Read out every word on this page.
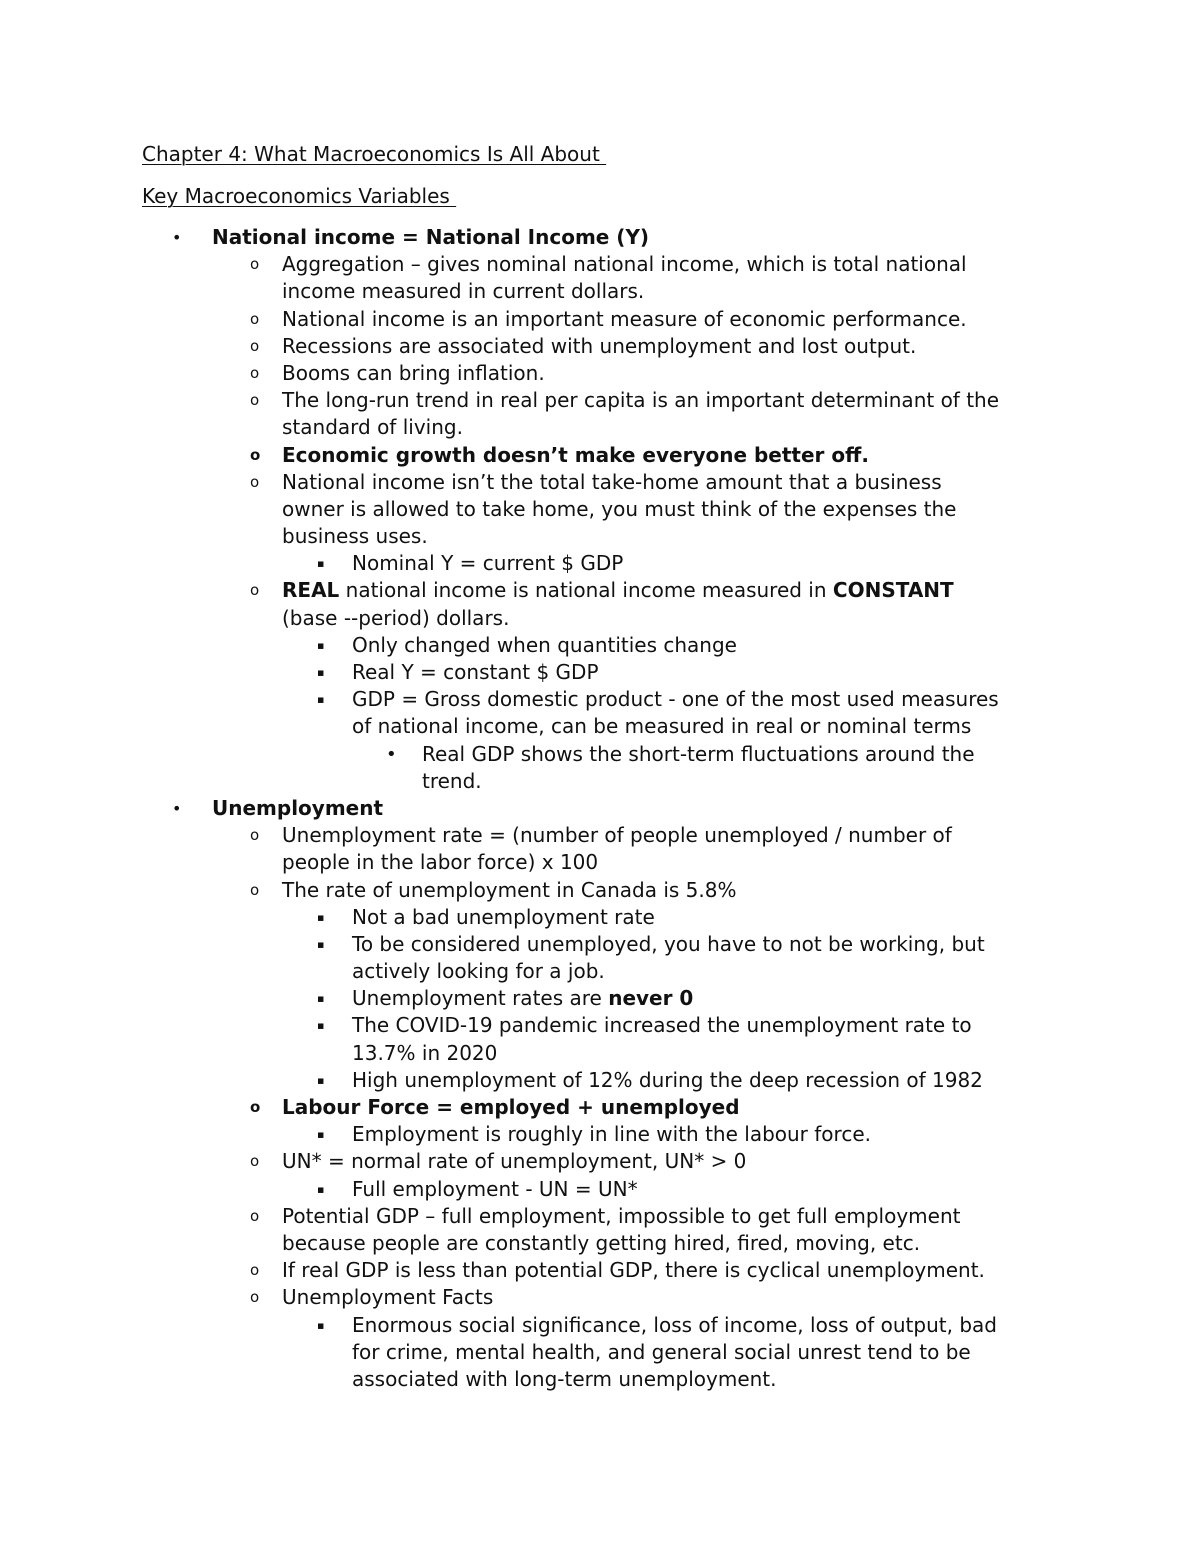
Chapter 4: What Macroeconomics Is All About
Key Macroeconomics Variables
• National income = National Income (Y)
o Aggregation – gives nominal national income, which is total national
income measured in current dollars.
o National income is an important measure of economic performance.
o Recessions are associated with unemployment and lost output.
o Booms can bring inflation.
o The long-run trend in real per capita is an important determinant of the
standard of living.
o Economic growth doesn’t make everyone better off.
o National income isn’t the total take-home amount that a business
owner is allowed to take home, you must think of the expenses the
business uses.
▪ Nominal Y = current $ GDP
o REAL national income is national income measured in CONSTANT
(base --period) dollars.
▪ Only changed when quantities change
▪ Real Y = constant $ GDP
▪ GDP = Gross domestic product - one of the most used measures
of national income, can be measured in real or nominal terms
• Real GDP shows the short-term fluctuations around the
trend.
• Unemployment
o Unemployment rate = (number of people unemployed / number of
people in the labor force) x 100
o The rate of unemployment in Canada is 5.8%
▪ Not a bad unemployment rate
▪ To be considered unemployed, you have to not be working, but
actively looking for a job.
▪ Unemployment rates are never 0
▪ The COVID-19 pandemic increased the unemployment rate to
13.7% in 2020
▪ High unemployment of 12% during the deep recession of 1982
o Labour Force = employed + unemployed
▪ Employment is roughly in line with the labour force.
o UN* = normal rate of unemployment, UN* > 0
▪ Full employment - UN = UN*
o Potential GDP – full employment, impossible to get full employment
because people are constantly getting hired, fired, moving, etc.
o If real GDP is less than potential GDP, there is cyclical unemployment.
o Unemployment Facts
▪ Enormous social significance, loss of income, loss of output, bad
for crime, mental health, and general social unrest tend to be
associated with long-term unemployment.
